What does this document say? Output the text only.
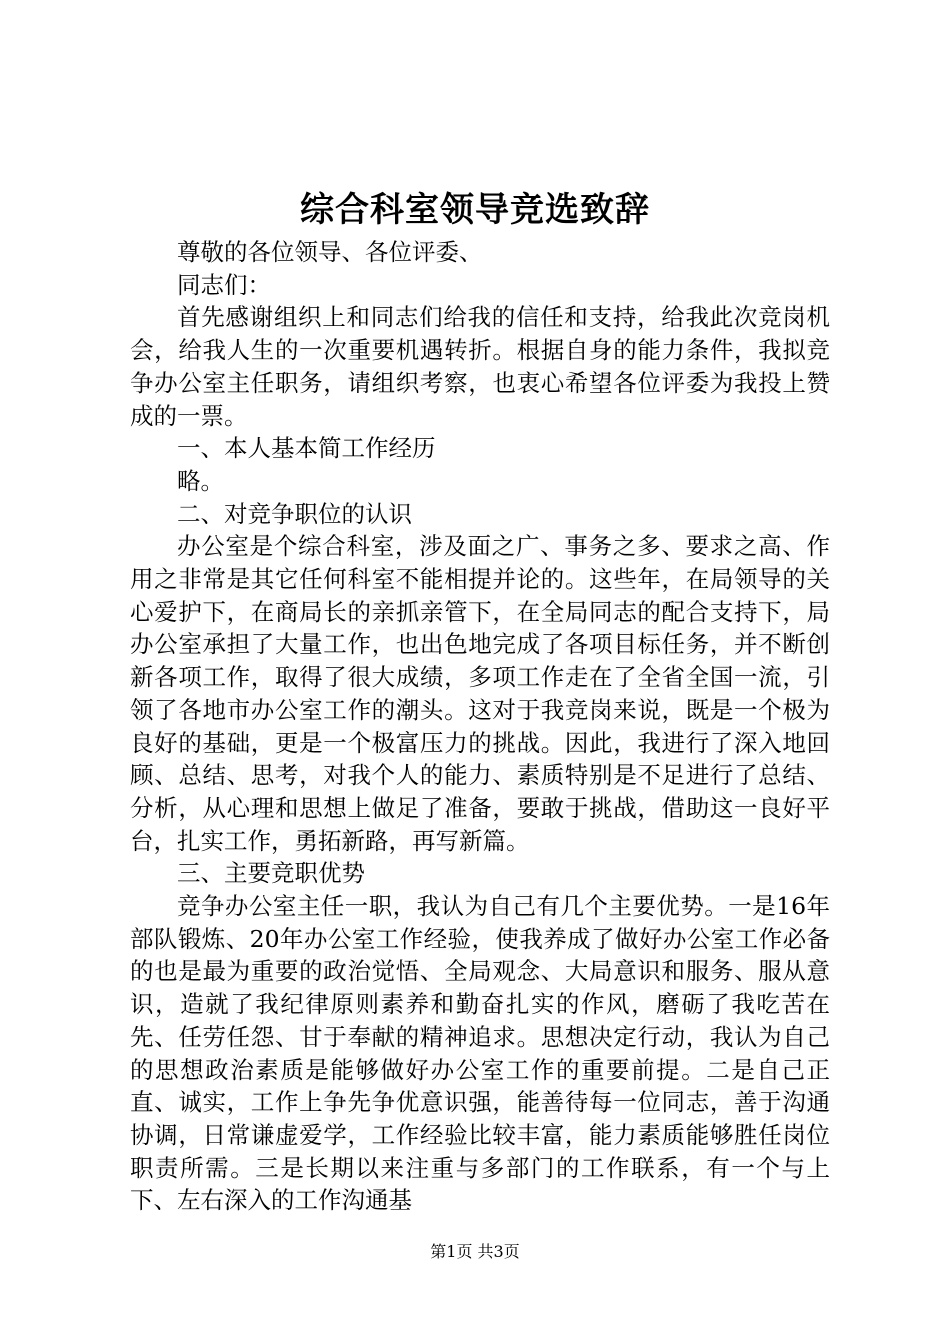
综合科室领导竞选致辞

尊敬的各位领导、各位评委、

同志们：

首先感谢组织上和同志们给我的信任和支持，给我此次竞岗机会，给我人生的一次重要机遇转折。根据自身的能力条件，我拟竞争办公室主任职务，请组织考察，也衷心希望各位评委为我投上赞成的一票。

一、本人基本简工作经历

略。

二、对竞争职位的认识

办公室是个综合科室，涉及面之广、事务之多、要求之高、作用之非常是其它任何科室不能相提并论的。这些年，在局领导的关心爱护下，在商局长的亲抓亲管下，在全局同志的配合支持下，局办公室承担了大量工作，也出色地完成了各项目标任务，并不断创新各项工作，取得了很大成绩，多项工作走在了全省全国一流，引领了各地市办公室工作的潮头。这对于我竞岗来说，既是一个极为良好的基础，更是一个极富压力的挑战。因此，我进行了深入地回顾、总结、思考，对我个人的能力、素质特别是不足进行了总结、分析，从心理和思想上做足了准备，要敢于挑战，借助这一良好平台，扎实工作，勇拓新路，再写新篇。

三、主要竞职优势

竞争办公室主任一职，我认为自己有几个主要优势。一是16年部队锻炼、20年办公室工作经验，使我养成了做好办公室工作必备的也是最为重要的政治觉悟、全局观念、大局意识和服务、服从意识，造就了我纪律原则素养和勤奋扎实的作风，磨砺了我吃苦在先、任劳任怨、甘于奉献的精神追求。思想决定行动，我认为自己的思想政治素质是能够做好办公室工作的重要前提。二是自己正直、诚实，工作上争先争优意识强，能善待每一位同志，善于沟通协调，日常谦虚爱学，工作经验比较丰富，能力素质能够胜任岗位职责所需。三是长期以来注重与多部门的工作联系，有一个与上下、左右深入的工作沟通基

第1页 共3页
